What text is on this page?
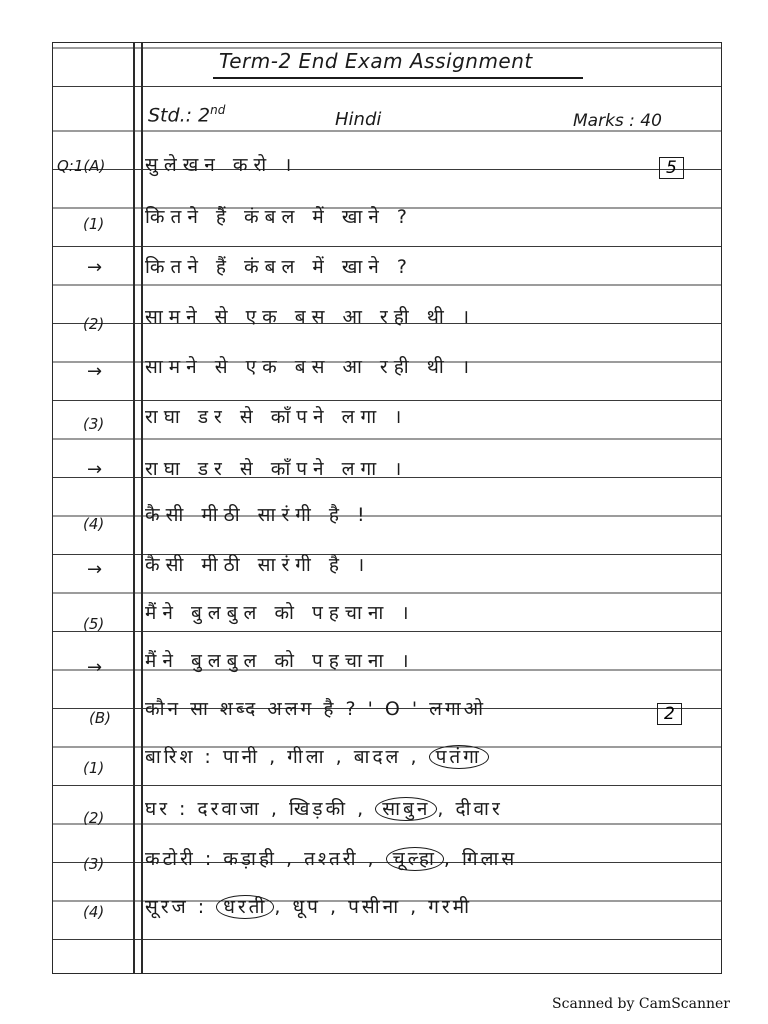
Term-2 End Exam Assignment
Std.: 2nd	Hindi	Marks : 40
Q:1(A) सुलेखन करो ।	5
(1) कितने हैं कंबल में खाने ?
→ कितने हैं कंबल में खाने ?
(2) सामने से एक बस आ रही थी ।
→ सामने से एक बस आ रही थी ।
(3) राघा डर से काँपने लगा ।
→ राघा डर से काँपने लगा ।
(4) कैसी मीठी सारंगी है !
→ कैसी मीठी सारंगी है ।
(5) मैंने बुलबुल को पहचाना ।
→ मैंने बुलबुल को पहचाना ।
(B) कौन सा शब्द अलग है ? ' O ' लगाओ	2
(1) बारिश : पानी , गीला , बादल , पतंगा
(2) घर : दरवाजा , खिड़की , साबुन , दीवार
(3) कटोरी : कड़ाही , तश्तरी , चूल्हा , गिलास
(4) सूरज : धरती , धूप , पसीना , गरमी
Scanned by CamScanner
